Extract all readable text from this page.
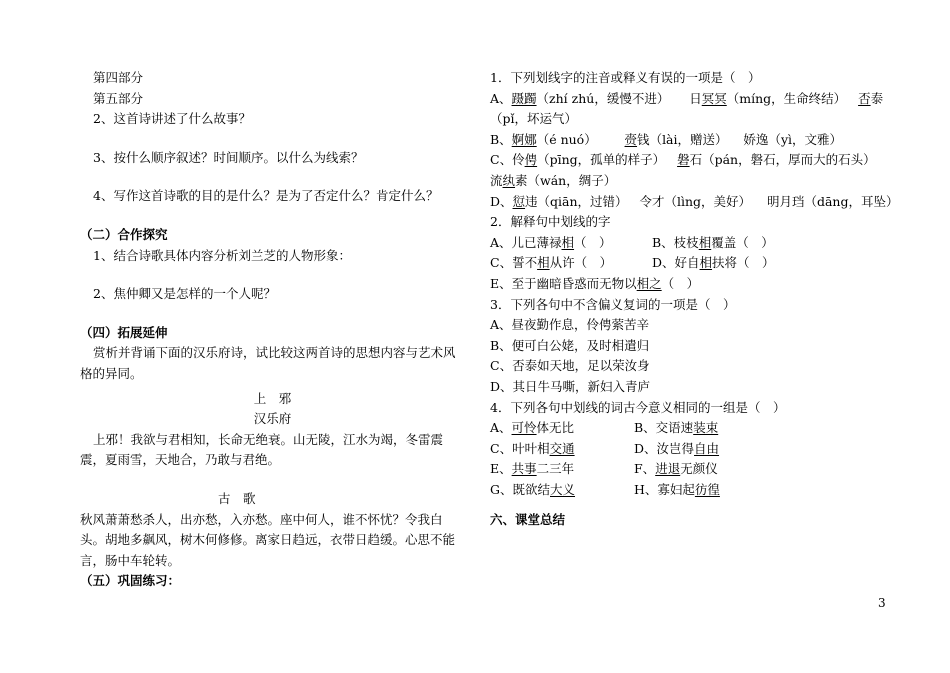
第四部分
第五部分
2、这首诗讲述了什么故事？
3、按什么顺序叙述？时间顺序。以什么为线索？
4、写作这首诗歌的目的是什么？是为了否定什么？肯定什么？
（二）合作探究
1、结合诗歌具体内容分析刘兰芝的人物形象：
2、焦仲卿又是怎样的一个人呢？
（四）拓展延伸
赏析并背诵下面的汉乐府诗，试比较这两首诗的思想内容与艺术风格的异同。
上　邪
汉乐府
上邪！我欲与君相知，长命无绝衰。山无陵，江水为竭，冬雷震震，夏雨雪，天地合，乃敢与君绝。
古　歌
秋风萧萧愁杀人，出亦愁，入亦愁。座中何人，谁不怀忧？令我白头。胡地多飙风，树木何修修。离家日趋远，衣带日趋缓。心思不能言，肠中车轮转。
（五）巩固练习：
1．下列划线字的注音或释义有误的一项是（　）
A、蹑躅（zhí zhú，缓慢不进） 日冥冥（míng，生命终结） 否泰
（pǐ，坏运气）
B、婀娜（é nuó） 赍钱（lài，赠送） 娇逸（yì，文雅）
C、伶俜（pīng，孤单的样子） 磐石（pán，磐石，厚而大的石头）
流纨素（wán，绸子）
D、愆违（qiān，过错） 令才（lìng，美好） 明月珰（dāng，耳坠）
2．解释句中划线的字
A、儿已薄禄相（　）	B、枝枝相覆盖（　）
C、誓不相从许（　）	D、好自相扶将（　）
E、至于幽暗昏惑而无物以相之（　）
3．下列各句中不含偏义复词的一项是（　）
A、昼夜勤作息，伶俜萦苦辛
B、便可白公姥，及时相遣归
C、否泰如天地，足以荣汝身
D、其日牛马嘶，新妇入青庐
4．下列各句中划线的词古今意义相同的一组是（　）
A、可怜体无比	B、交语速装束
C、叶叶相交通	D、汝岂得自由
E、共事二三年	F、进退无颜仪
G、既欲结大义	H、寡妇起彷徨
六、课堂总结
3
